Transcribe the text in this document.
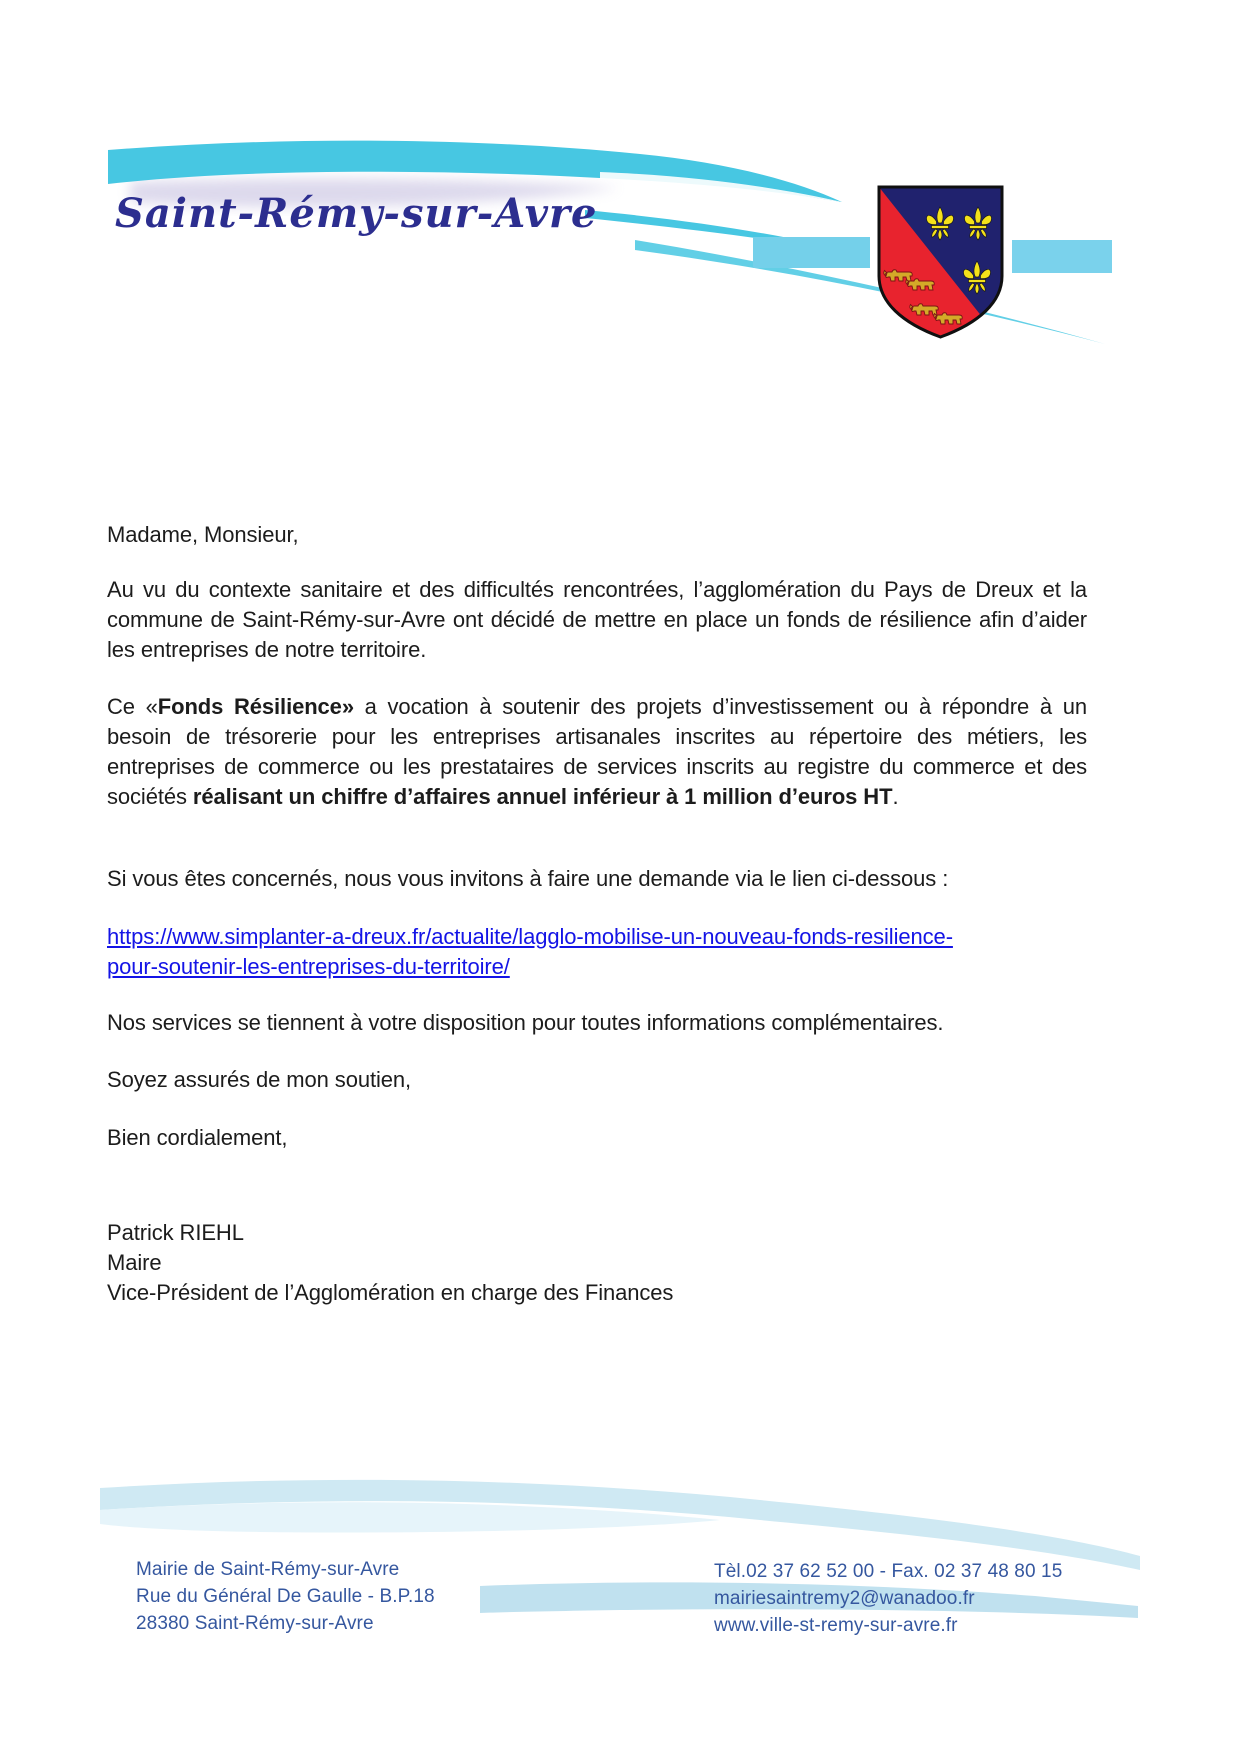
Saint-Rémy-sur-Avre

Madame, Monsieur,

Au vu du contexte sanitaire et des difficultés rencontrées, l’agglomération du Pays de Dreux et la commune de Saint-Rémy-sur-Avre ont décidé de mettre en place un fonds de résilience afin d’aider les entreprises de notre territoire.

Ce «Fonds Résilience» a vocation à soutenir des projets d’investissement ou à répondre à un besoin de trésorerie pour les entreprises artisanales inscrites au répertoire des métiers, les entreprises de commerce ou les prestataires de services inscrits au registre du commerce et des sociétés réalisant un chiffre d’affaires annuel inférieur à 1 million d’euros HT.

Si vous êtes concernés, nous vous invitons à faire une demande via le lien ci-dessous :

https://www.simplanter-a-dreux.fr/actualite/lagglo-mobilise-un-nouveau-fonds-resilience-
pour-soutenir-les-entreprises-du-territoire/

Nos services se tiennent à votre disposition pour toutes informations complémentaires.

Soyez assurés de mon soutien,

Bien cordialement,

Patrick RIEHL
Maire
Vice-Président de l’Agglomération en charge des Finances
Mairie de Saint-Rémy-sur-Avre
Rue du Général De Gaulle - B.P.18
28380 Saint-Rémy-sur-Avre
Tèl.02 37 62 52 00 - Fax. 02 37 48 80 15
mairiesaintremy2@wanadoo.fr
www.ville-st-remy-sur-avre.fr
